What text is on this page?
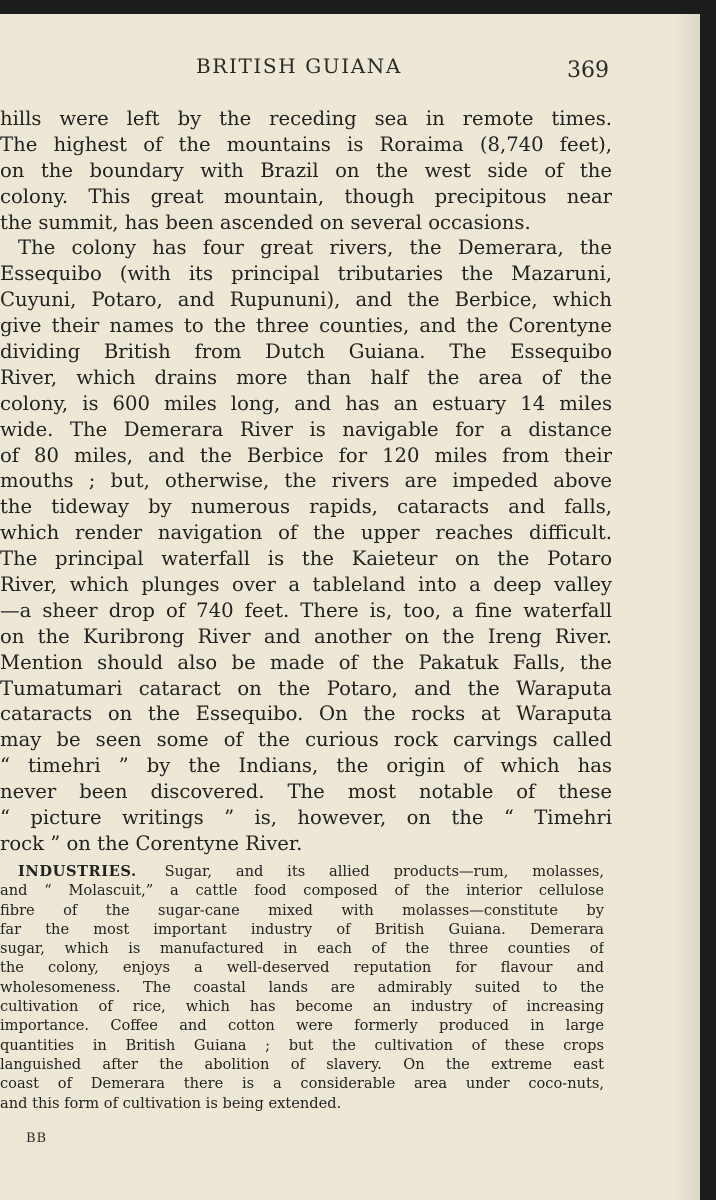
BRITISH GUIANA	369
hills were left by the receding sea in remote times.
The highest of the mountains is Roraima (8,740 feet),
on the boundary with Brazil on the west side of the
colony. This great mountain, though precipitous near
the summit, has been ascended on several occasions.
The colony has four great rivers, the Demerara, the
Essequibo (with its principal tributaries the Mazaruni,
Cuyuni, Potaro, and Rupununi), and the Berbice, which
give their names to the three counties, and the Corentyne
dividing British from Dutch Guiana. The Essequibo
River, which drains more than half the area of the
colony, is 600 miles long, and has an estuary 14 miles
wide. The Demerara River is navigable for a distance
of 80 miles, and the Berbice for 120 miles from their
mouths ; but, otherwise, the rivers are impeded above
the tideway by numerous rapids, cataracts and falls,
which render navigation of the upper reaches difficult.
The principal waterfall is the Kaieteur on the Potaro
River, which plunges over a tableland into a deep valley
—a sheer drop of 740 feet. There is, too, a fine waterfall
on the Kuribrong River and another on the Ireng River.
Mention should also be made of the Pakatuk Falls, the
Tumatumari cataract on the Potaro, and the Waraputa
cataracts on the Essequibo. On the rocks at Waraputa
may be seen some of the curious rock carvings called
“ timehri ” by the Indians, the origin of which has
never been discovered. The most notable of these
“ picture writings ” is, however, on the “ Timehri
rock ” on the Corentyne River.
INDUSTRIES. Sugar, and its allied products—rum, molasses,
and “ Molascuit,” a cattle food composed of the interior cellulose
fibre of the sugar-cane mixed with molasses—constitute by
far the most important industry of British Guiana. Demerara
sugar, which is manufactured in each of the three counties of
the colony, enjoys a well-deserved reputation for flavour and
wholesomeness. The coastal lands are admirably suited to the
cultivation of rice, which has become an industry of increasing
importance. Coffee and cotton were formerly produced in large
quantities in British Guiana ; but the cultivation of these crops
languished after the abolition of slavery. On the extreme east
coast of Demerara there is a considerable area under coco-nuts,
and this form of cultivation is being extended.
BB
